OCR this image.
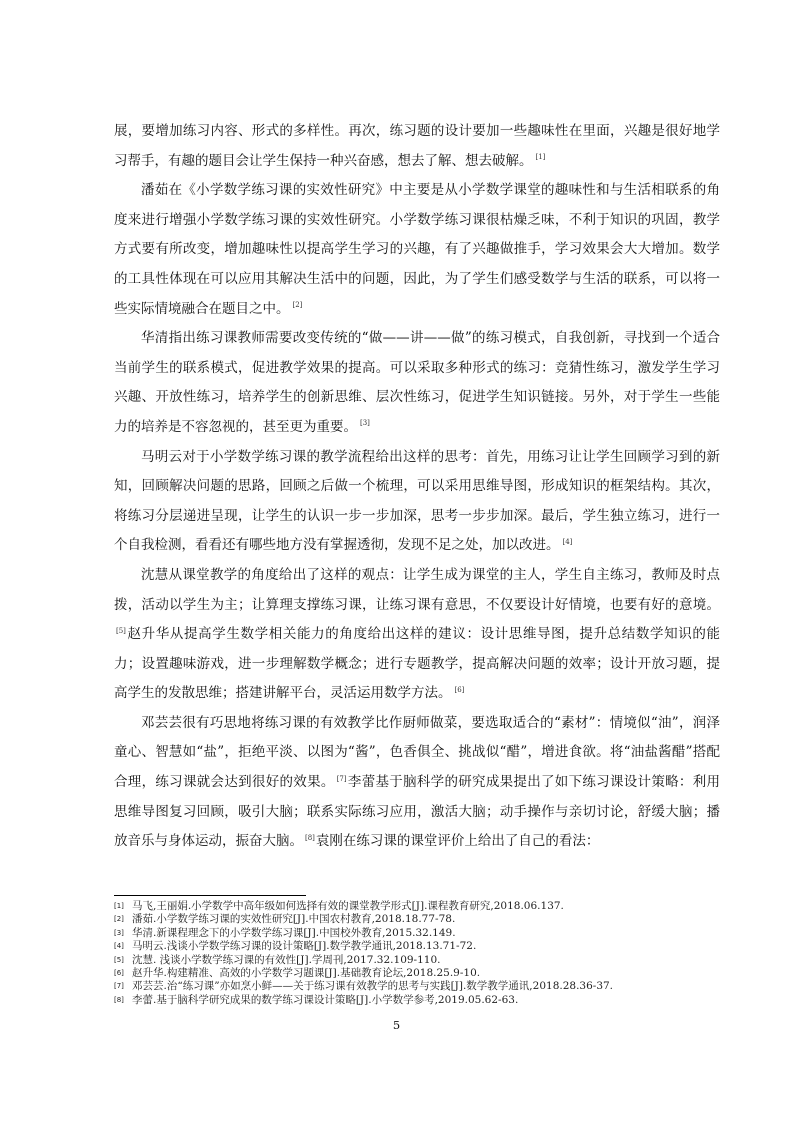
展，要增加练习内容、形式的多样性。再次，练习题的设计要加一些趣味性在里面，兴趣是很好地学习帮手，有趣的题目会让学生保持一种兴奋感，想去了解、想去破解。 [1]

潘茹在《小学数学练习课的实效性研究》中主要是从小学数学课堂的趣味性和与生活相联系的角度来进行增强小学数学练习课的实效性研究。小学数学练习课很枯燥乏味，不利于知识的巩固，教学方式要有所改变，增加趣味性以提高学生学习的兴趣，有了兴趣做推手，学习效果会大大增加。数学的工具性体现在可以应用其解决生活中的问题，因此，为了学生们感受数学与生活的联系，可以将一些实际情境融合在题目之中。 [2]

华清指出练习课教师需要改变传统的“做——讲——做”的练习模式，自我创新，寻找到一个适合当前学生的联系模式，促进教学效果的提高。可以采取多种形式的练习：竞猜性练习，激发学生学习兴趣、开放性练习，培养学生的创新思维、层次性练习，促进学生知识链接。另外，对于学生一些能力的培养是不容忽视的，甚至更为重要。 [3]

马明云对于小学数学练习课的教学流程给出这样的思考：首先，用练习让让学生回顾学习到的新知，回顾解决问题的思路，回顾之后做一个梳理，可以采用思维导图，形成知识的框架结构。其次，将练习分层递进呈现，让学生的认识一步一步加深，思考一步步加深。最后，学生独立练习，进行一个自我检测，看看还有哪些地方没有掌握透彻，发现不足之处，加以改进。 [4]

沈慧从课堂教学的角度给出了这样的观点：让学生成为课堂的主人，学生自主练习，教师及时点拨，活动以学生为主；让算理支撑练习课，让练习课有意思，不仅要设计好情境，也要有好的意境。[5]赵升华从提高学生数学相关能力的角度给出这样的建议：设计思维导图，提升总结数学知识的能力；设置趣味游戏，进一步理解数学概念；进行专题教学，提高解决问题的效率；设计开放习题，提高学生的发散思维；搭建讲解平台，灵活运用数学方法。 [6]

邓芸芸很有巧思地将练习课的有效教学比作厨师做菜，要选取适合的“素材”：情境似“油”，润泽童心、智慧如“盐”，拒绝平淡、以图为“酱”，色香俱全、挑战似“醋”，增进食欲。将“油盐酱醋”搭配合理，练习课就会达到很好的效果。 [7]李蕾基于脑科学的研究成果提出了如下练习课设计策略：利用思维导图复习回顾，吸引大脑；联系实际练习应用，激活大脑；动手操作与亲切讨论，舒缓大脑；播放音乐与身体运动，振奋大脑。 [8]袁刚在练习课的课堂评价上给出了自己的看法：

[1] 马飞,王丽娟.小学数学中高年级如何选择有效的课堂教学形式[J].课程教育研究,2018.06.137.
[2] 潘茹.小学数学练习课的实效性研究[J].中国农村教育,2018.18.77-78.
[3] 华清.新课程理念下的小学数学练习课[J].中国校外教育,2015.32.149.
[4] 马明云.浅谈小学数学练习课的设计策略[J].数学教学通讯,2018.13.71-72.
[5] 沈慧. 浅谈小学数学练习课的有效性[J].学周刊,2017.32.109-110.
[6] 赵升华.构建精准、高效的小学数学习题课[J].基础教育论坛,2018.25.9-10.
[7] 邓芸芸.治“练习课”亦如烹小鲜——关于练习课有效教学的思考与实践[J].数学教学通讯,2018.28.36-37.
[8] 李蕾.基于脑科学研究成果的数学练习课设计策略[J].小学数学参考,2019.05.62-63.
5
